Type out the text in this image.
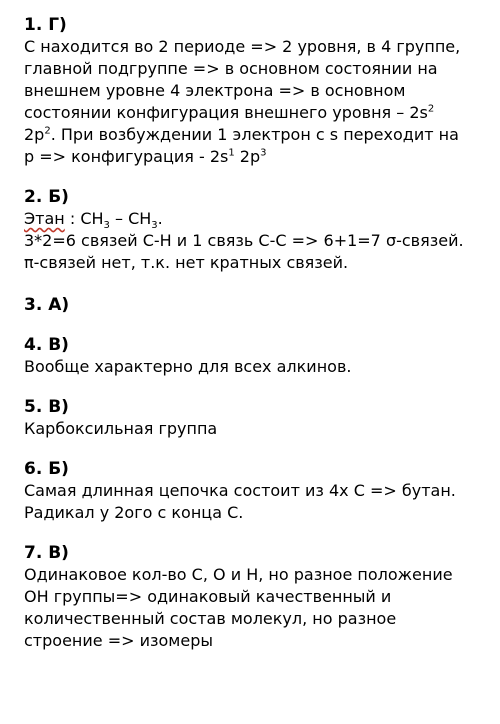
1. Г)

С находится во 2 периоде => 2 уровня, в 4 группе,
главной подгруппе => в основном состоянии на
внешнем уровне 4 электрона => в основном
состоянии конфигурация внешнего уровня – $2s^2$
$2p^2$. При возбуждении 1 электрон с s переходит на
p => конфигурация - $2s^1$ $2p^3$

2. Б)

Этан : $CH_3 - CH_3$.
3*2=6 связей С-Н и 1 связь С-С => 6+1=7 σ-связей.
π-связей нет, т.к. нет кратных связей.

3. А)

4. В)

Вообще характерно для всех алкинов.

5. В)

Карбоксильная группа

6. Б)

Самая длинная цепочка состоит из 4х С => бутан.
Радикал у 2ого с конца С.

7. В)

Одинаковое кол-во С, О и Н, но разное положение
ОН группы=> одинаковый качественный и
количественный состав молекул, но разное
строение => изомеры
